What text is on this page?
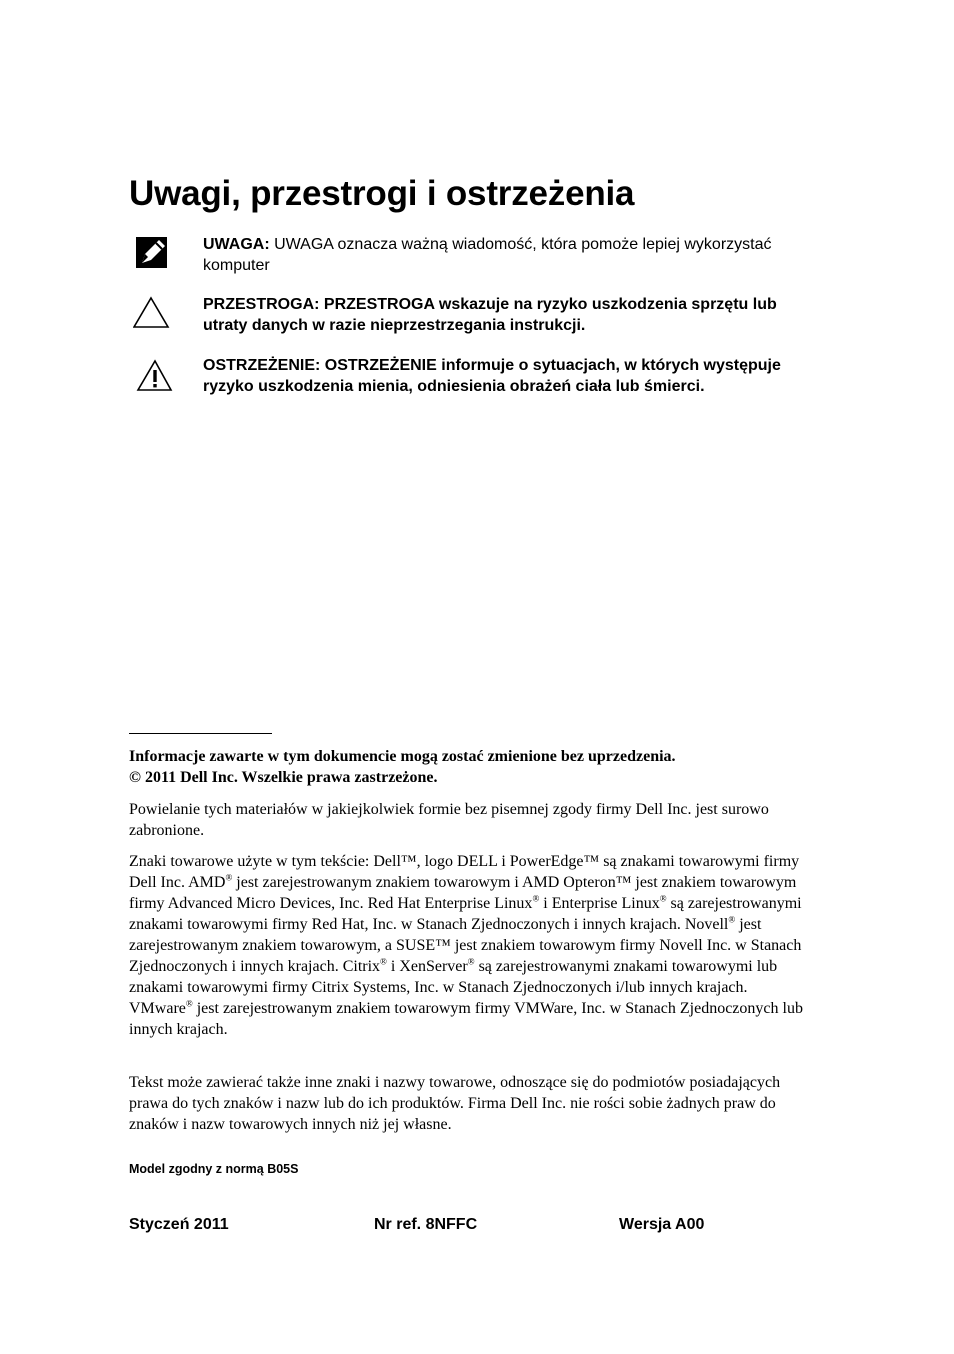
Uwagi, przestrogi i ostrzeżenia
UWAGA: UWAGA oznacza ważną wiadomość, która pomoże lepiej wykorzystać komputer
PRZESTROGA: PRZESTROGA wskazuje na ryzyko uszkodzenia sprzętu lub utraty danych w razie nieprzestrzegania instrukcji.
OSTRZEŻENIE: OSTRZEŻENIE informuje o sytuacjach, w których występuje ryzyko uszkodzenia mienia, odniesienia obrażeń ciała lub śmierci.

Informacje zawarte w tym dokumencie mogą zostać zmienione bez uprzedzenia.

© 2011 Dell Inc. Wszelkie prawa zastrzeżone.

Powielanie tych materiałów w jakiejkolwiek formie bez pisemnej zgody firmy Dell Inc. jest surowo zabronione.

Znaki towarowe użyte w tym tekście: Dell™, logo DELL i PowerEdge™ są znakami towarowymi firmy Dell Inc. AMD® jest zarejestrowanym znakiem towarowym i AMD Opteron™ jest znakiem towarowym firmy Advanced Micro Devices, Inc. Red Hat Enterprise Linux® i Enterprise Linux® są zarejestrowanymi znakami towarowymi firmy Red Hat, Inc. w Stanach Zjednoczonych i innych krajach. Novell® jest zarejestrowanym znakiem towarowym, a SUSE™ jest znakiem towarowym firmy Novell Inc. w Stanach Zjednoczonych i innych krajach. Citrix® i XenServer® są zarejestrowanymi znakami towarowymi lub znakami towarowymi firmy Citrix Systems, Inc. w Stanach Zjednoczonych i/lub innych krajach. VMware® jest zarejestrowanym znakiem towarowym firmy VMWare, Inc. w Stanach Zjednoczonych lub innych krajach.

Tekst może zawierać także inne znaki i nazwy towarowe, odnoszące się do podmiotów posiadających prawa do tych znaków i nazw lub do ich produktów. Firma Dell Inc. nie rości sobie żadnych praw do znaków i nazw towarowych innych niż jej własne.

Model zgodny z normą B05S
Styczeń 2011	Nr ref. 8NFFC	Wersja A00
